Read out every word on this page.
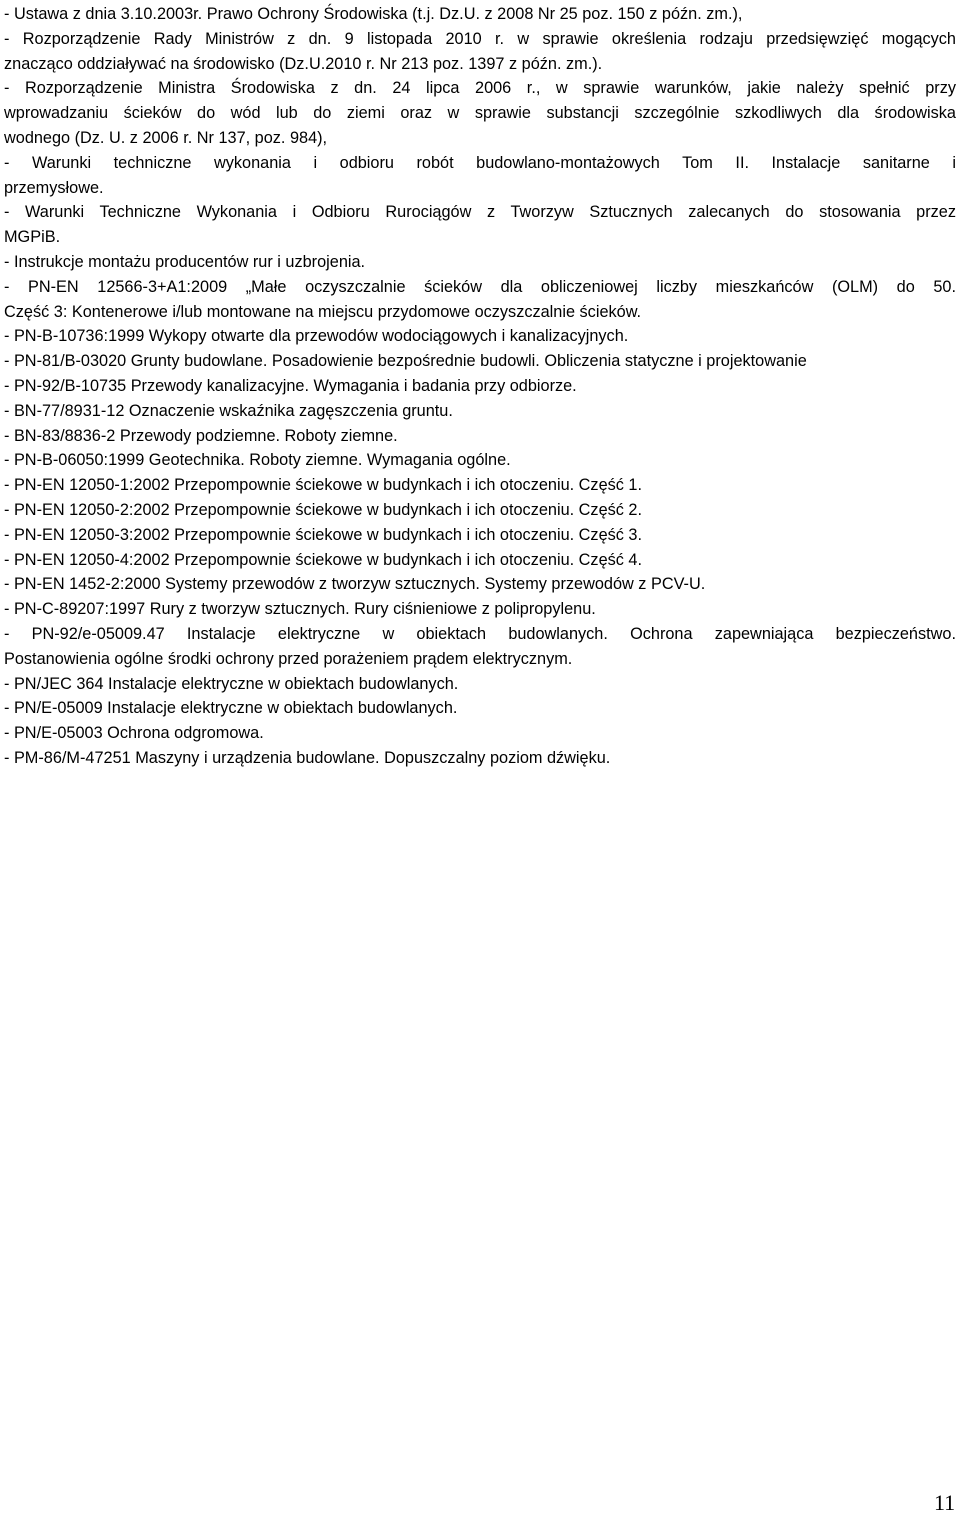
- Ustawa z dnia 3.10.2003r. Prawo Ochrony Środowiska (t.j. Dz.U. z 2008 Nr 25 poz. 150 z późn. zm.),
- Rozporządzenie Rady Ministrów z dn. 9 listopada 2010 r. w sprawie określenia rodzaju przedsięwzięć mogących
znacząco oddziaływać na środowisko (Dz.U.2010 r. Nr 213 poz. 1397 z późn. zm.).
- Rozporządzenie Ministra Środowiska z dn. 24 lipca 2006 r., w sprawie warunków, jakie należy spełnić przy
wprowadzaniu ścieków do wód lub do ziemi oraz w sprawie substancji szczególnie szkodliwych dla środowiska
wodnego (Dz. U. z 2006 r. Nr 137, poz. 984),
- Warunki techniczne wykonania i odbioru robót budowlano-montażowych Tom II. Instalacje sanitarne i
przemysłowe.
- Warunki Techniczne Wykonania i Odbioru Rurociągów z Tworzyw Sztucznych zalecanych do stosowania przez
MGPiB.
- Instrukcje montażu producentów rur i uzbrojenia.
- PN-EN 12566-3+A1:2009 „Małe oczyszczalnie ścieków dla obliczeniowej liczby mieszkańców (OLM) do 50.
Część 3: Kontenerowe i/lub montowane na miejscu przydomowe oczyszczalnie ścieków.
- PN-B-10736:1999 Wykopy otwarte dla przewodów wodociągowych i kanalizacyjnych.
- PN-81/B-03020 Grunty budowlane. Posadowienie bezpośrednie budowli. Obliczenia statyczne i projektowanie
- PN-92/B-10735 Przewody kanalizacyjne. Wymagania i badania przy odbiorze.
- BN-77/8931-12 Oznaczenie wskaźnika zagęszczenia gruntu.
- BN-83/8836-2 Przewody podziemne. Roboty ziemne.
- PN-B-06050:1999 Geotechnika. Roboty ziemne. Wymagania ogólne.
- PN-EN 12050-1:2002 Przepompownie ściekowe w budynkach i ich otoczeniu. Część 1.
- PN-EN 12050-2:2002 Przepompownie ściekowe w budynkach i ich otoczeniu. Część 2.
- PN-EN 12050-3:2002 Przepompownie ściekowe w budynkach i ich otoczeniu. Część 3.
- PN-EN 12050-4:2002 Przepompownie ściekowe w budynkach i ich otoczeniu. Część 4.
- PN-EN 1452-2:2000 Systemy przewodów z tworzyw sztucznych. Systemy przewodów z PCV-U.
- PN-C-89207:1997 Rury z tworzyw sztucznych. Rury ciśnieniowe z polipropylenu.
- PN-92/e-05009.47 Instalacje elektryczne w obiektach budowlanych. Ochrona zapewniająca bezpieczeństwo.
Postanowienia ogólne środki ochrony przed porażeniem prądem elektrycznym.
- PN/JEC 364 Instalacje elektryczne w obiektach budowlanych.
- PN/E-05009 Instalacje elektryczne w obiektach budowlanych.
- PN/E-05003 Ochrona odgromowa.
- PM-86/M-47251 Maszyny i urządzenia budowlane. Dopuszczalny poziom dźwięku.
11
